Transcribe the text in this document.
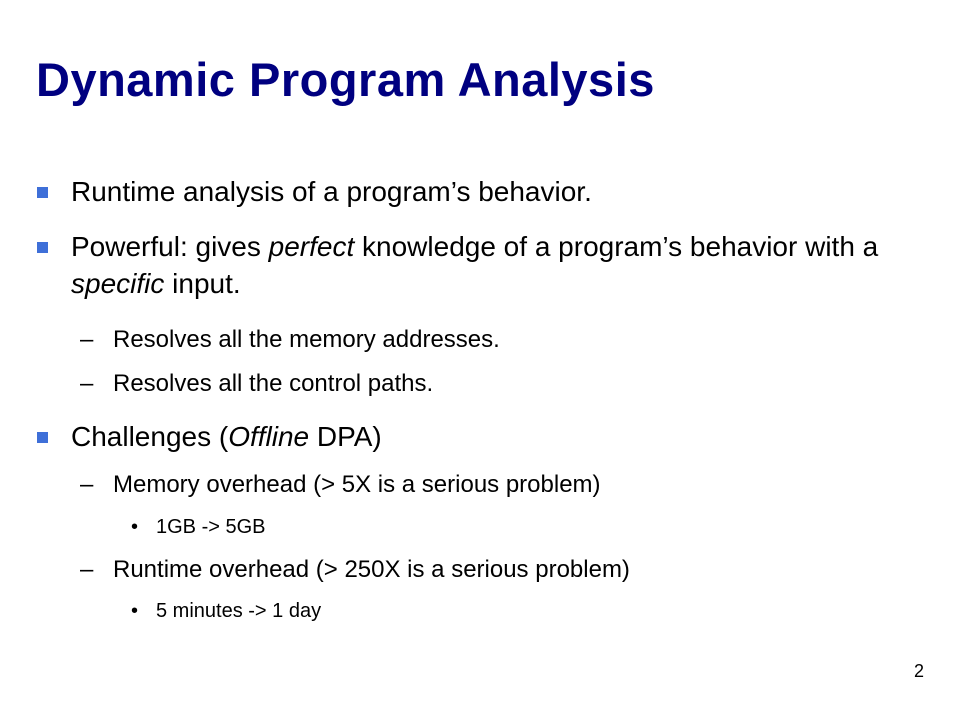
Dynamic Program Analysis
Runtime analysis of a program’s behavior.
Powerful: gives perfect knowledge of a program’s behavior with a specific input.
– Resolves all the memory addresses.
– Resolves all the control paths.
Challenges (Offline DPA)
– Memory overhead (> 5X is a serious problem)
• 1GB -> 5GB
– Runtime overhead (> 250X is a serious problem)
• 5 minutes -> 1 day
2
